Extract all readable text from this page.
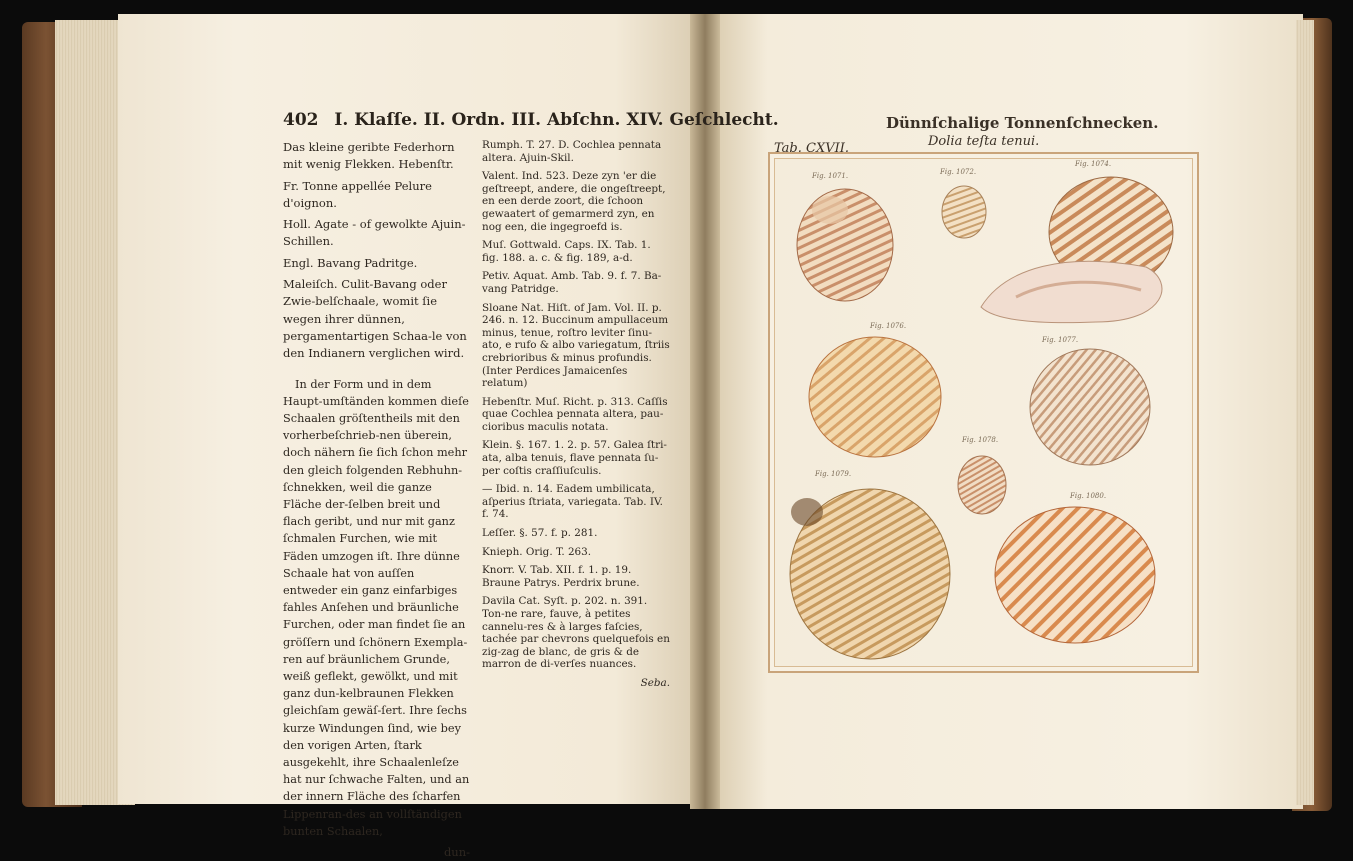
402 I. Klaſſe. II. Ordn. III. Abſchn. XIV. Geſchlecht.

Das kleine geribte Federhorn mit wenig Flekken. Hebenſtr.

Fr. Tonne appellée Pelure d'oignon.

Holl. Agate - of gewolkte Ajuin-Schillen.

Engl. Bavang Padritge.

Maleiſch. Culit-Bavang oder Zwie-belſchaale, womit ſie wegen ihrer dünnen, pergamentartigen Schaa-le von den Indianern verglichen wird.

In der Form und in dem Haupt-umſtänden kommen dieſe Schaalen gröſtentheils mit den vorherbeſchrieb-nen überein, doch nähern ſie ſich ſchon mehr den gleich folgenden Rebhuhn-ſchnekken, weil die ganze Fläche der-ſelben breit und flach geribt, und nur mit ganz ſchmalen Furchen, wie mit Fäden umzogen iſt. Ihre dünne Schaale hat von auſſen entweder ein ganz einfarbiges fahles Anſehen und bräunliche Furchen, oder man findet ſie an gröſſern und ſchönern Exempla-ren auf bräunlichem Grunde, weiß geflekt, gewölkt, und mit ganz dun-kelbraunen Flekken gleichſam gewäſ-ſert. Ihre ſechs kurze Windungen ſind, wie bey den vorigen Arten, ſtark ausgekehlt, ihre Schaalenleſze hat nur ſchwache Falten, und an der innern Fläche des ſcharfen Lippenran-des an vollſtändigen bunten Schaalen,

dun-

Rumph. T. 27. D. Cochlea pennata altera. Ajuin-Skil.

Valent. Ind. 523. Deze zyn 'er die geſtreept, andere, die ongeſtreept, en een derde zoort, die ſchoon gewaatert of gemarmerd zyn, en nog een, die ingegroefd is.

Muſ. Gottwald. Caps. IX. Tab. 1. fig. 188. a. c. & fig. 189, a-d.

Petiv. Aquat. Amb. Tab. 9. f. 7. Ba-vang Patridge.

Sloane Nat. Hiſt. of Jam. Vol. II. p. 246. n. 12. Buccinum ampullaceum minus, tenue, roſtro leviter ſinu-ato, e rufo & albo variegatum, ſtriis crebrioribus & minus profundis. (Inter Perdices Jamaicenſes relatum)

Hebenſtr. Muſ. Richt. p. 313. Caſſis quae Cochlea pennata altera, pau-cioribus maculis notata.

Klein. §. 167. 1. 2. p. 57. Galea ſtri-ata, alba tenuis, flave pennata ſu-per coſtis craſſiuſculis.

— Ibid. n. 14. Eadem umbilicata, aſperius ſtriata, variegata. Tab. IV. f. 74.

Leſſer. §. 57. f. p. 281.

Knieph. Orig. T. 263.

Knorr. V. Tab. XII. f. 1. p. 19. Braune Patrys. Perdrix brune.

Davila Cat. Syſt. p. 202. n. 391. Ton-ne rare, fauve, à petites cannelu-res & à larges faſcies, tachée par chevrons quelquefois en zig-zag de blanc, de gris & de marron de di-verſes nuances.

Seba.

Dünnſchalige Tonnenſchnecken.
Tab. CXVII.	Dolia teſta tenui.
Fig. 1071.	Fig. 1072.
Fig. 1074.
Fig. 1076.
Fig. 1077.
Fig. 1078.
Fig. 1079.
Fig. 1080.
